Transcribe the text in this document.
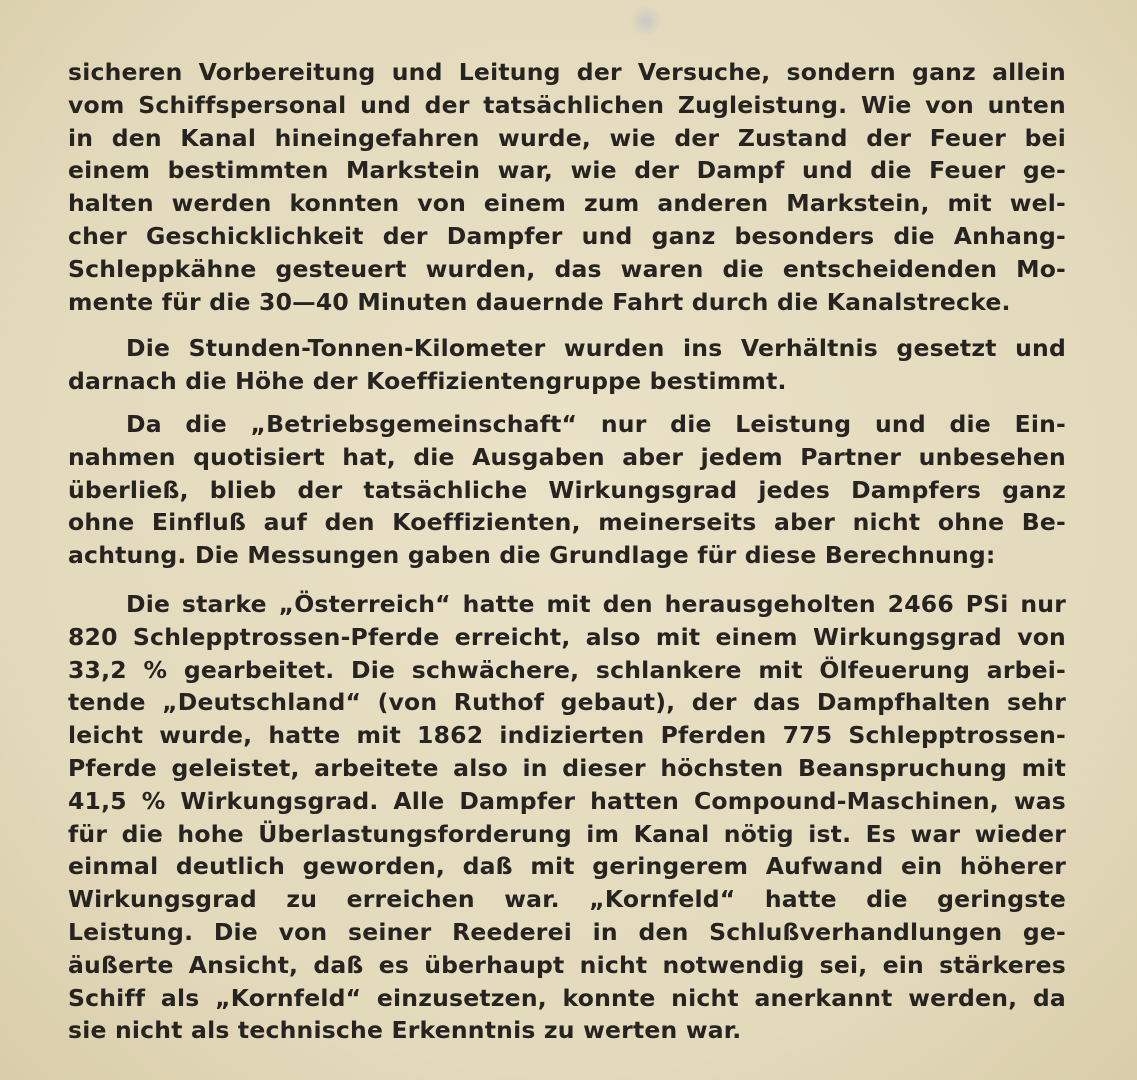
sicheren Vorbereitung und Leitung der Versuche, sondern ganz allein
vom Schiffspersonal und der tatsächlichen Zugleistung. Wie von unten
in den Kanal hineingefahren wurde, wie der Zustand der Feuer bei
einem bestimmten Markstein war, wie der Dampf und die Feuer ge-
halten werden konnten von einem zum anderen Markstein, mit wel-
cher Geschicklichkeit der Dampfer und ganz besonders die Anhang-
Schleppkähne gesteuert wurden, das waren die entscheidenden Mo-
mente für die 30—40 Minuten dauernde Fahrt durch die Kanalstrecke.
Die Stunden-Tonnen-Kilometer wurden ins Verhältnis gesetzt und
darnach die Höhe der Koeffizientengruppe bestimmt.
Da die „Betriebsgemeinschaft“ nur die Leistung und die Ein-
nahmen quotisiert hat, die Ausgaben aber jedem Partner unbesehen
überließ, blieb der tatsächliche Wirkungsgrad jedes Dampfers ganz
ohne Einfluß auf den Koeffizienten, meinerseits aber nicht ohne Be-
achtung. Die Messungen gaben die Grundlage für diese Berechnung:
Die starke „Österreich“ hatte mit den herausgeholten 2466 PSi nur
820 Schlepptrossen-Pferde erreicht, also mit einem Wirkungsgrad von
33,2 % gearbeitet. Die schwächere, schlankere mit Ölfeuerung arbei-
tende „Deutschland“ (von Ruthof gebaut), der das Dampfhalten sehr
leicht wurde, hatte mit 1862 indizierten Pferden 775 Schlepptrossen-
Pferde geleistet, arbeitete also in dieser höchsten Beanspruchung mit
41,5 % Wirkungsgrad. Alle Dampfer hatten Compound-Maschinen, was
für die hohe Überlastungsforderung im Kanal nötig ist. Es war wieder
einmal deutlich geworden, daß mit geringerem Aufwand ein höherer
Wirkungsgrad zu erreichen war. „Kornfeld“ hatte die geringste
Leistung. Die von seiner Reederei in den Schlußverhandlungen ge-
äußerte Ansicht, daß es überhaupt nicht notwendig sei, ein stärkeres
Schiff als „Kornfeld“ einzusetzen, konnte nicht anerkannt werden, da
sie nicht als technische Erkenntnis zu werten war.
